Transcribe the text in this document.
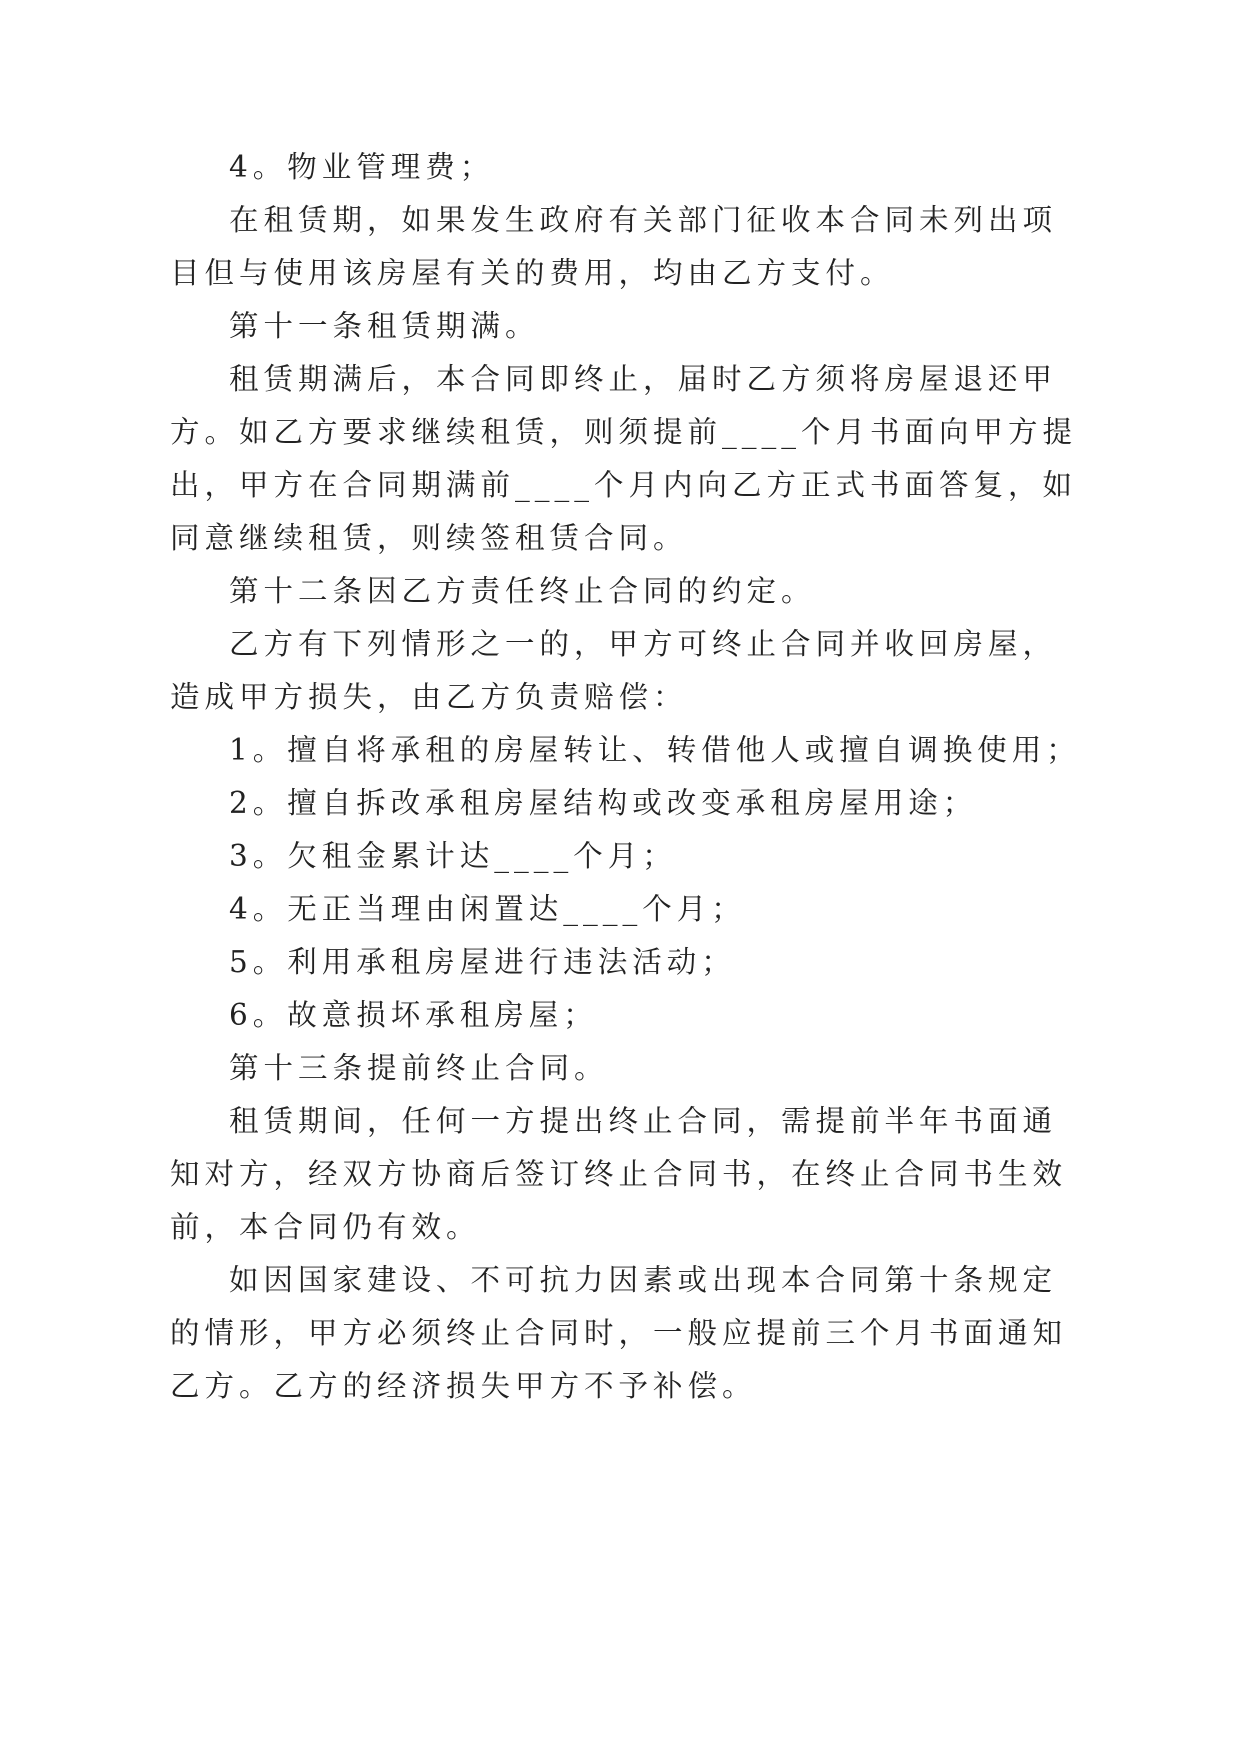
4。物业管理费；
在租赁期，如果发生政府有关部门征收本合同未列出项
目但与使用该房屋有关的费用，均由乙方支付。
第十一条租赁期满。
租赁期满后，本合同即终止，届时乙方须将房屋退还甲
方。如乙方要求继续租赁，则须提前____个月书面向甲方提
出，甲方在合同期满前____个月内向乙方正式书面答复，如
同意继续租赁，则续签租赁合同。
第十二条因乙方责任终止合同的约定。
乙方有下列情形之一的，甲方可终止合同并收回房屋，
造成甲方损失，由乙方负责赔偿：
1。擅自将承租的房屋转让、转借他人或擅自调换使用；
2。擅自拆改承租房屋结构或改变承租房屋用途；
3。欠租金累计达____个月；
4。无正当理由闲置达____个月；
5。利用承租房屋进行违法活动；
6。故意损坏承租房屋；
第十三条提前终止合同。
租赁期间，任何一方提出终止合同，需提前半年书面通
知对方，经双方协商后签订终止合同书，在终止合同书生效
前，本合同仍有效。
如因国家建设、不可抗力因素或出现本合同第十条规定
的情形，甲方必须终止合同时，一般应提前三个月书面通知
乙方。乙方的经济损失甲方不予补偿。
